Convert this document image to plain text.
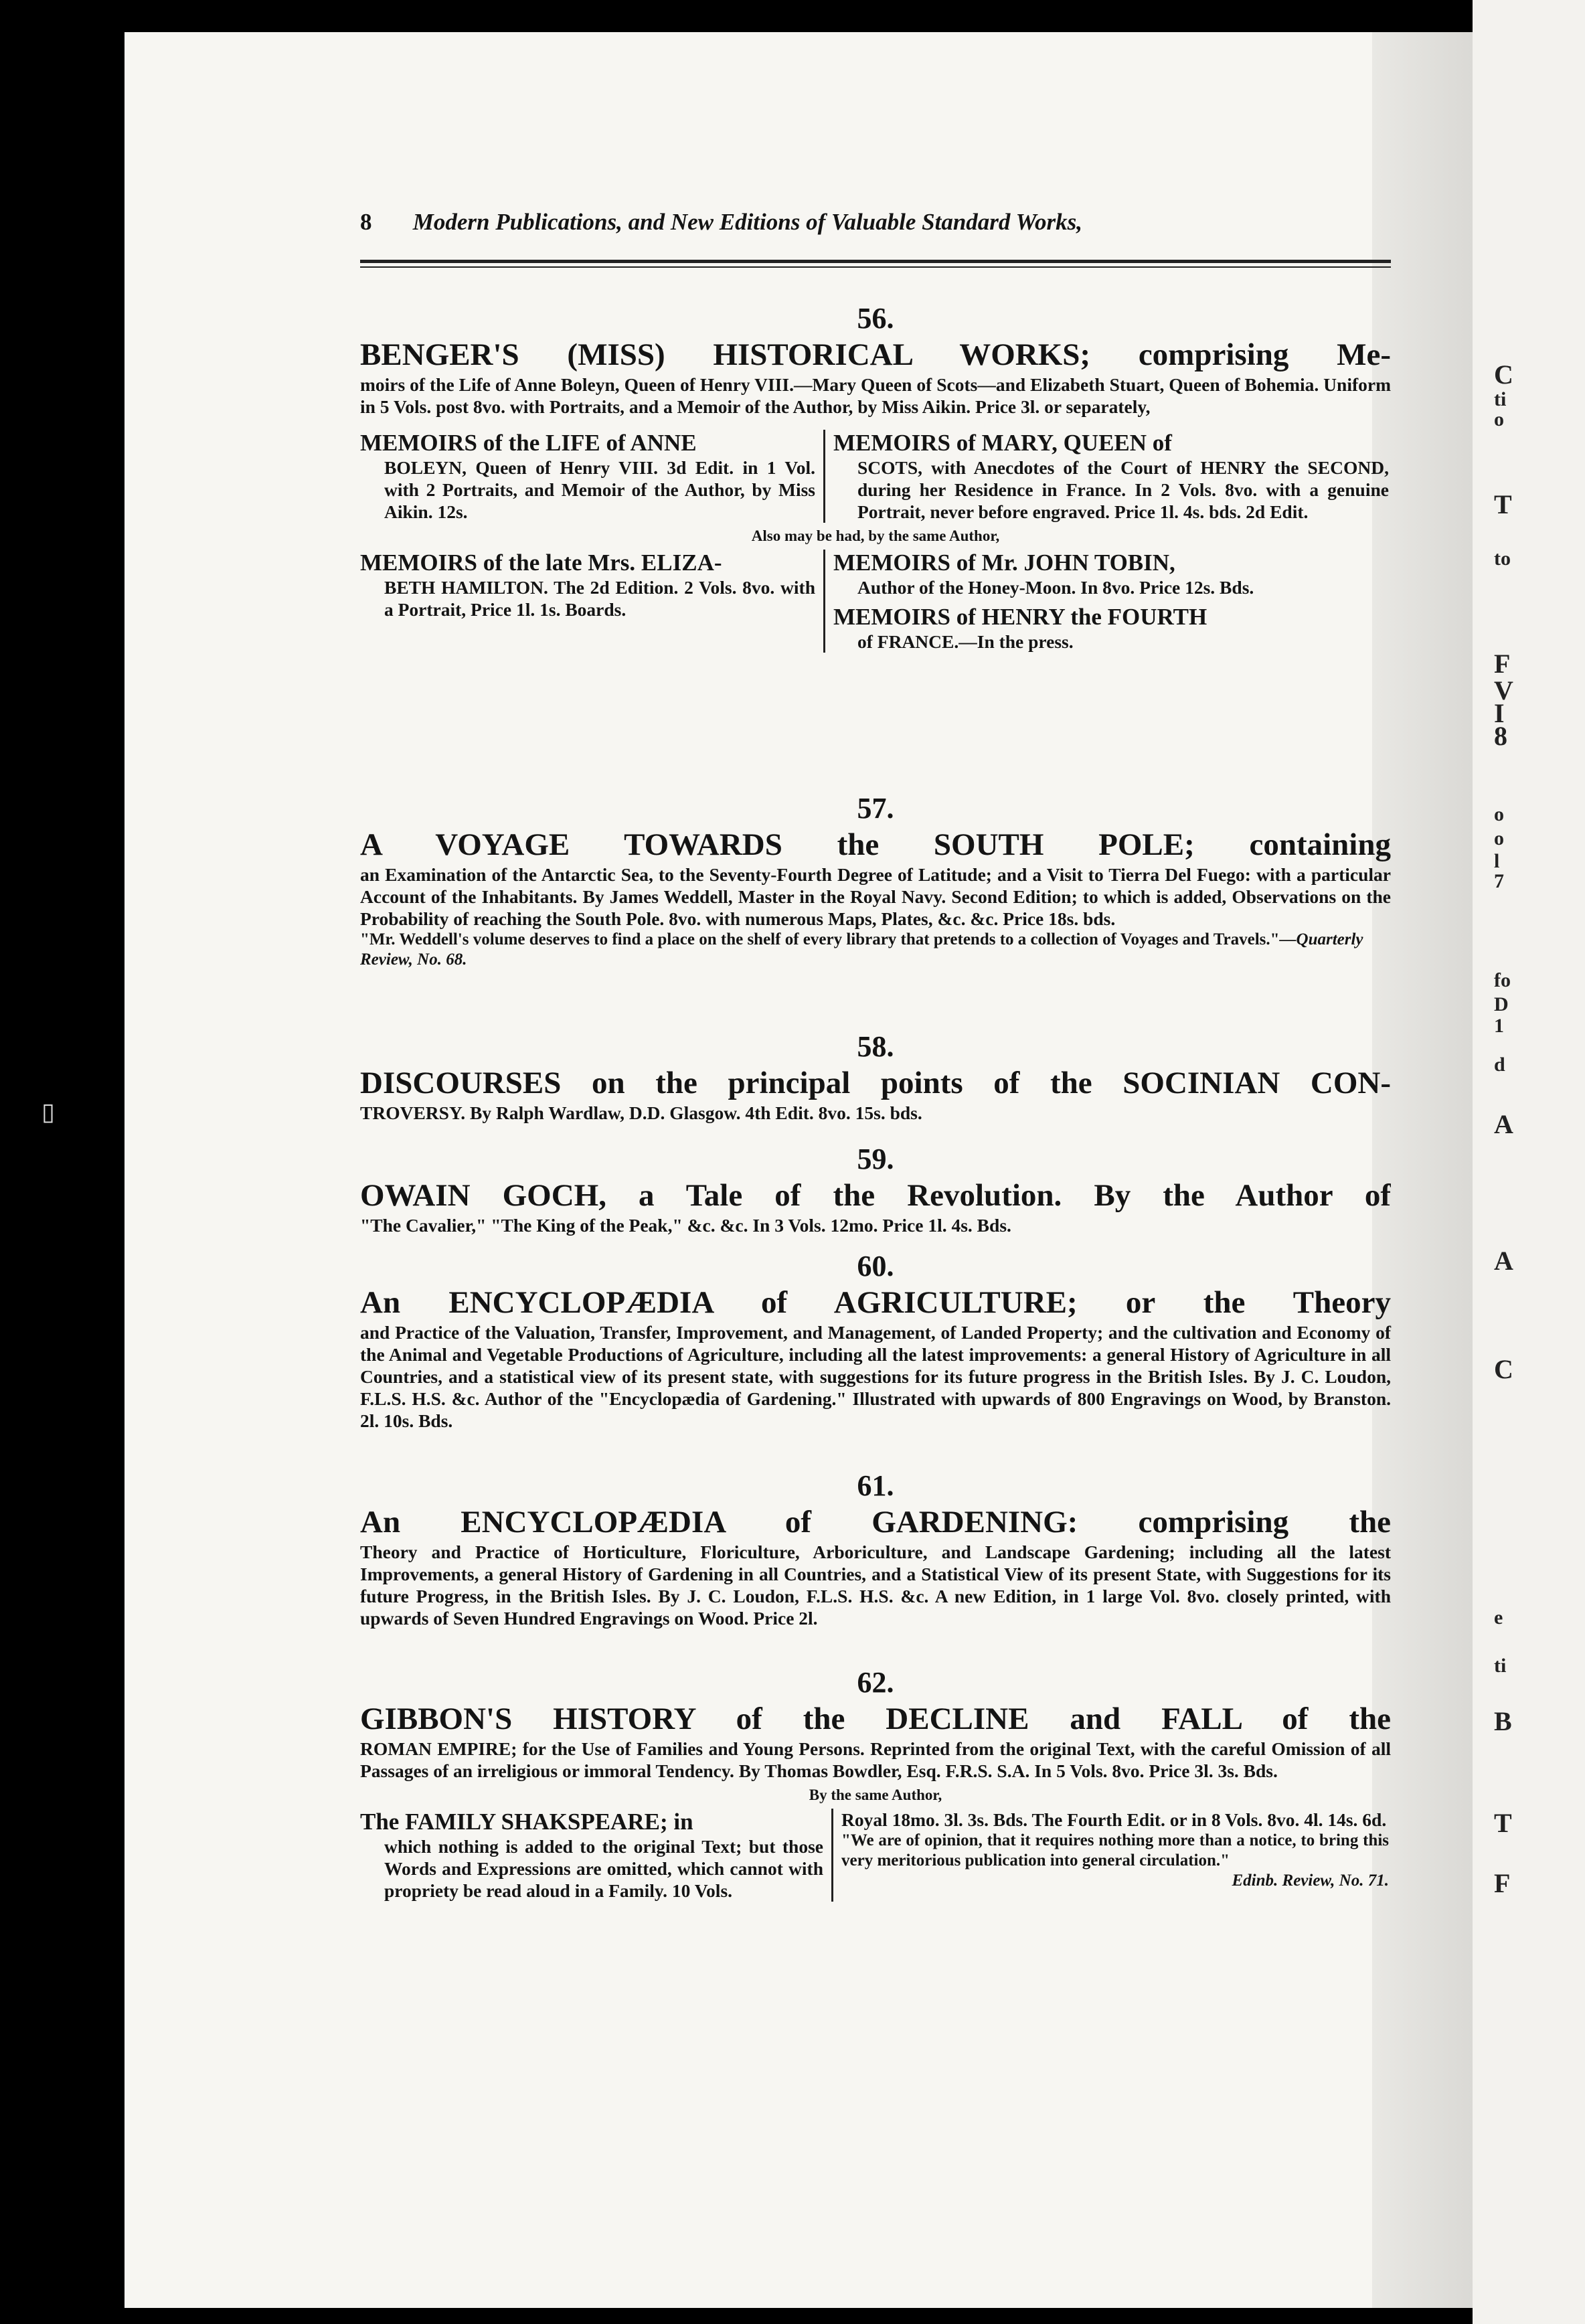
C
ti
o
T
to
F
V
I
8
o
o
l
7
fo
D
1
d
A
A
C
e
ti
B
T
F
▯
8 Modern Publications, and New Editions of Valuable Standard Works,
56.
BENGER'S (MISS) HISTORICAL WORKS; comprising Me-

moirs of the Life of Anne Boleyn, Queen of Henry VIII.—Mary Queen of Scots—and Elizabeth Stuart, Queen of Bohemia. Uniform in 5 Vols. post 8vo. with Portraits, and a Memoir of the Author, by Miss Aikin. Price 3l. or separately,

MEMOIRS of the LIFE of ANNE
BOLEYN, Queen of Henry VIII. 3d Edit. in 1 Vol. with 2 Portraits, and Memoir of the Author, by Miss Aikin. 12s.
MEMOIRS of MARY, QUEEN of
SCOTS, with Anecdotes of the Court of HENRY the SECOND, during her Residence in France. In 2 Vols. 8vo. with a genuine Portrait, never before engraved. Price 1l. 4s. bds. 2d Edit.
Also may be had, by the same Author,
MEMOIRS of the late Mrs. ELIZA-
BETH HAMILTON. The 2d Edition. 2 Vols. 8vo. with a Portrait, Price 1l. 1s. Boards.
MEMOIRS of Mr. JOHN TOBIN,
Author of the Honey-Moon. In 8vo. Price 12s. Bds.
MEMOIRS of HENRY the FOURTH
of FRANCE.—In the press.
57.
A VOYAGE TOWARDS the SOUTH POLE; containing

an Examination of the Antarctic Sea, to the Seventy-Fourth Degree of Latitude; and a Visit to Tierra Del Fuego: with a particular Account of the Inhabitants. By James Weddell, Master in the Royal Navy. Second Edition; to which is added, Observations on the Probability of reaching the South Pole. 8vo. with numerous Maps, Plates, &c. &c. Price 18s. bds.

"Mr. Weddell's volume deserves to find a place on the shelf of every library that pretends to a collection of Voyages and Travels."—Quarterly Review, No. 68.

58.
DISCOURSES on the principal points of the SOCINIAN CON-

TROVERSY. By Ralph Wardlaw, D.D. Glasgow. 4th Edit. 8vo. 15s. bds.

59.
OWAIN GOCH, a Tale of the Revolution. By the Author of

"The Cavalier," "The King of the Peak," &c. &c. In 3 Vols. 12mo. Price 1l. 4s. Bds.

60.
An ENCYCLOPÆDIA of AGRICULTURE; or the Theory

and Practice of the Valuation, Transfer, Improvement, and Management, of Landed Property; and the cultivation and Economy of the Animal and Vegetable Productions of Agriculture, including all the latest improvements: a general History of Agriculture in all Countries, and a statistical view of its present state, with suggestions for its future progress in the British Isles. By J. C. Loudon, F.L.S. H.S. &c. Author of the "Encyclopædia of Gardening." Illustrated with upwards of 800 Engravings on Wood, by Branston. 2l. 10s. Bds.

61.
An ENCYCLOPÆDIA of GARDENING: comprising the

Theory and Practice of Horticulture, Floriculture, Arboriculture, and Landscape Gardening; including all the latest Improvements, a general History of Gardening in all Countries, and a Statistical View of its present State, with Suggestions for its future Progress, in the British Isles. By J. C. Loudon, F.L.S. H.S. &c. A new Edition, in 1 large Vol. 8vo. closely printed, with upwards of Seven Hundred Engravings on Wood. Price 2l.

62.
GIBBON'S HISTORY of the DECLINE and FALL of the

ROMAN EMPIRE; for the Use of Families and Young Persons. Reprinted from the original Text, with the careful Omission of all Passages of an irreligious or immoral Tendency. By Thomas Bowdler, Esq. F.R.S. S.A. In 5 Vols. 8vo. Price 3l. 3s. Bds.

By the same Author,
The FAMILY SHAKSPEARE; in
which nothing is added to the original Text; but those Words and Expressions are omitted, which cannot with propriety be read aloud in a Family. 10 Vols.
Royal 18mo. 3l. 3s. Bds. The Fourth Edit. or in 8 Vols. 8vo. 4l. 14s. 6d.
"We are of opinion, that it requires nothing more than a notice, to bring this very meritorious publication into general circulation."
Edinb. Review, No. 71.
